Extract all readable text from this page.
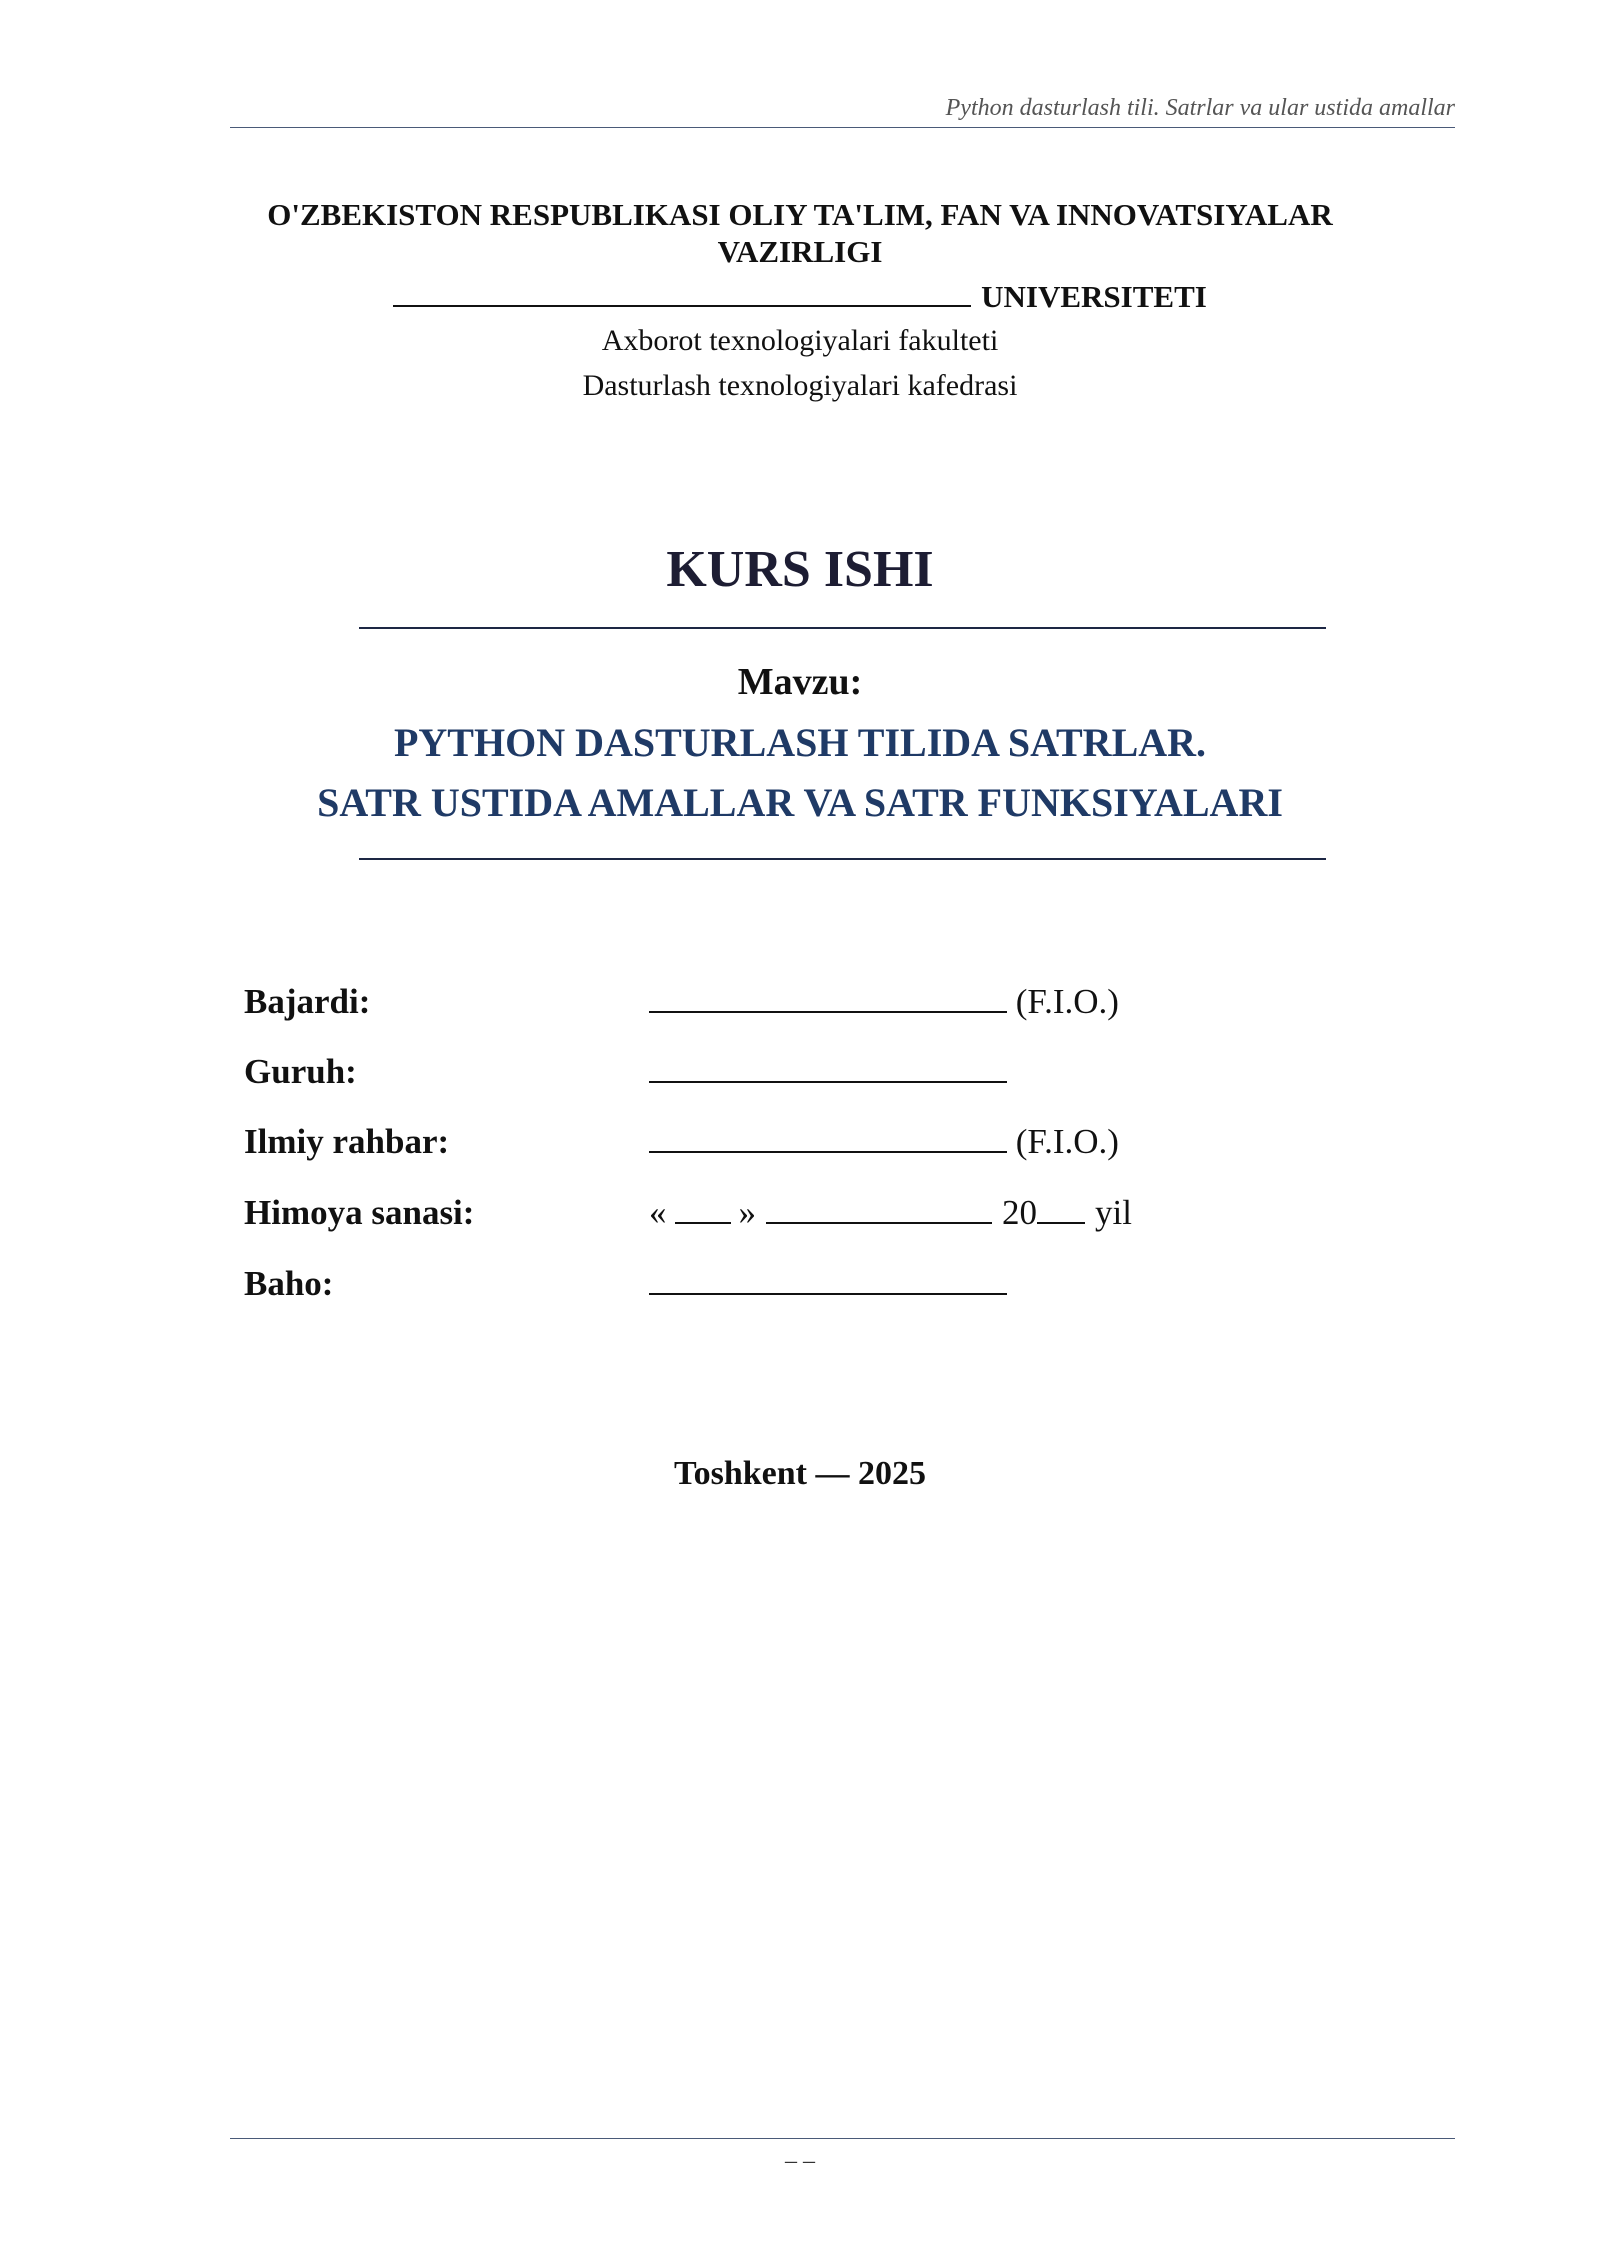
Python dasturlash tili. Satrlar va ular ustida amallar
O'ZBEKISTON RESPUBLIKASI OLIY TA'LIM, FAN VA INNOVATSIYALAR
VAZIRLIGI
UNIVERSITETI
Axborot texnologiyalari fakulteti
Dasturlash texnologiyalari kafedrasi
KURS ISHI
Mavzu:
PYTHON DASTURLASH TILIDA SATRLAR.
SATR USTIDA AMALLAR VA SATR FUNKSIYALARI
Bajardi:	(F.I.O.)
Guruh:
Ilmiy rahbar:	(F.I.O.)
Himoya sanasi:	« »	20 yil
Baho:
Toshkent — 2025
– –
